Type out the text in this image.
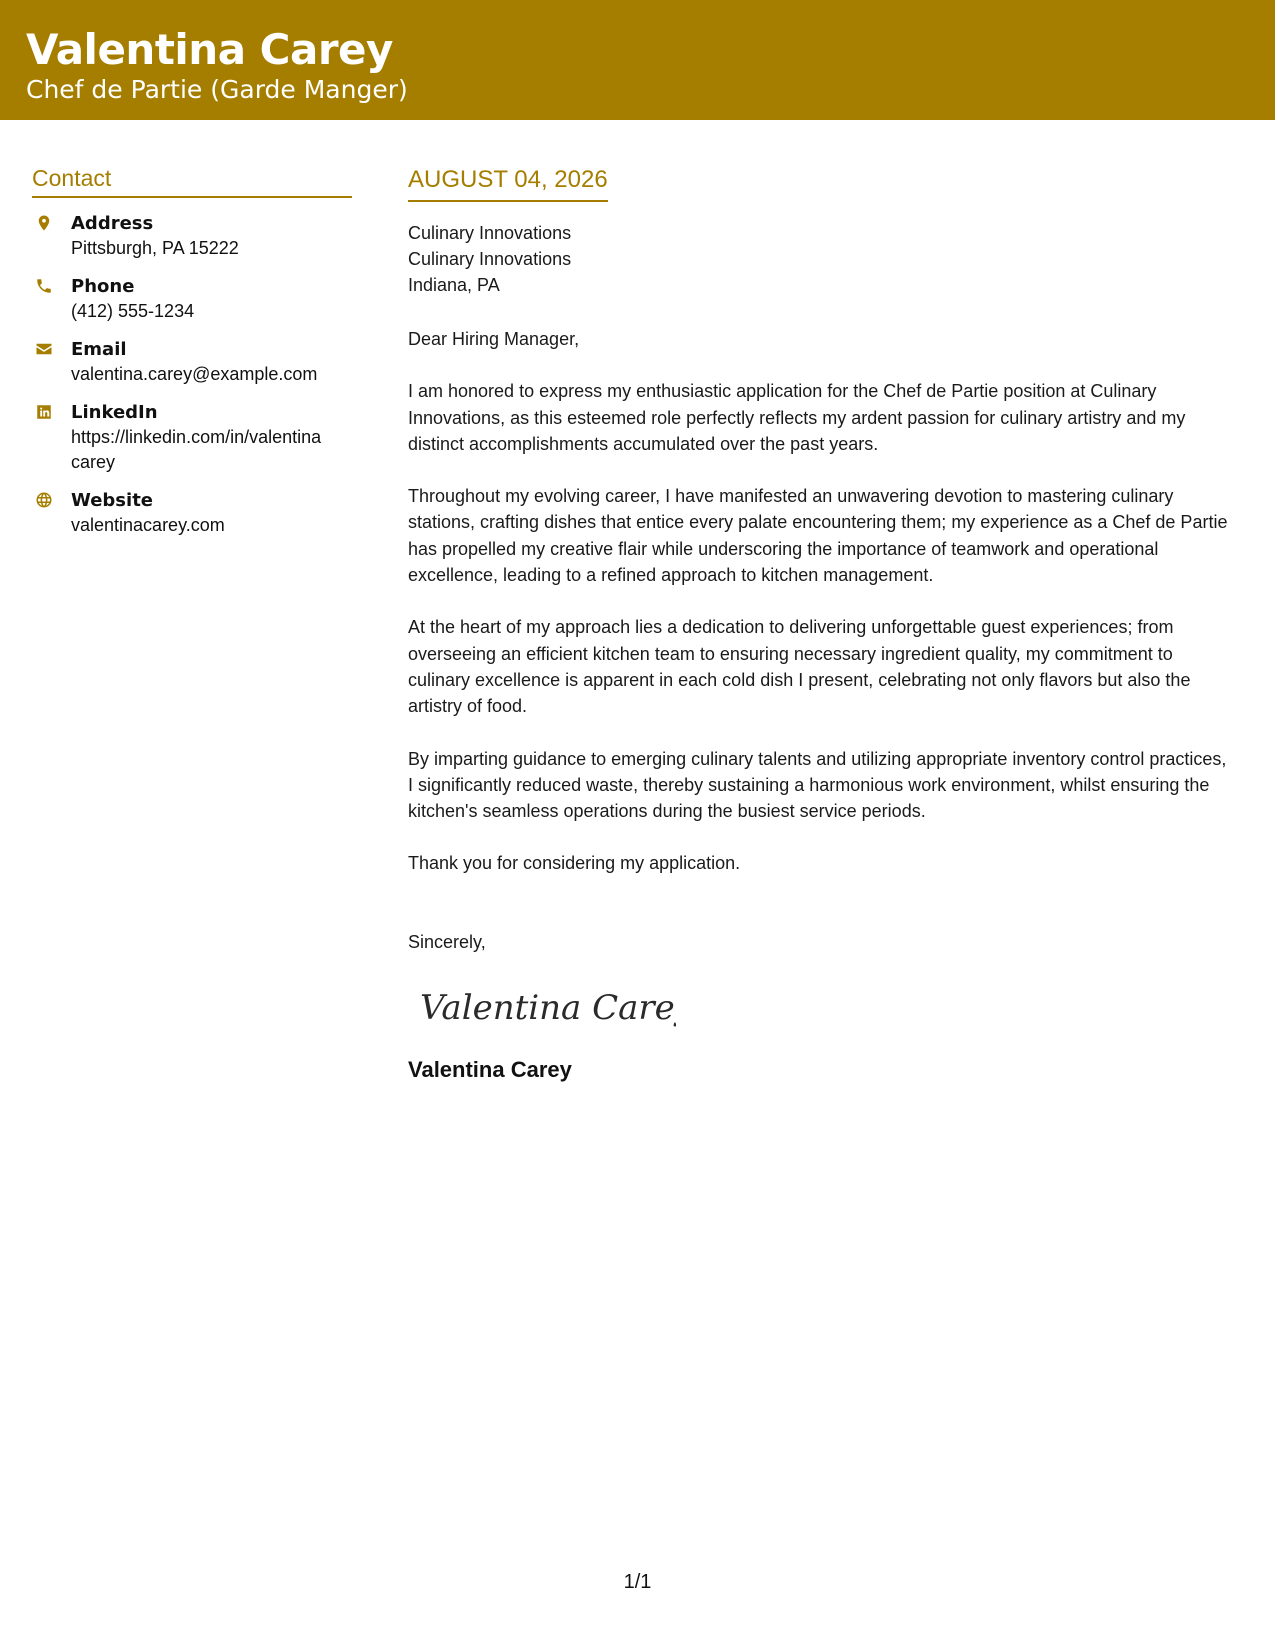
Valentina Carey
Chef de Partie (Garde Manger)
Contact
Address
Pittsburgh, PA 15222
Phone
(412) 555-1234
Email
valentina.carey@example.com
LinkedIn
https://linkedin.com/in/valentina carey
Website
valentinacarey.com
AUGUST 04, 2026
Culinary Innovations
Culinary Innovations
Indiana, PA

Dear Hiring Manager,

I am honored to express my enthusiastic application for the Chef de Partie position at Culinary Innovations, as this esteemed role perfectly reflects my ardent passion for culinary artistry and my distinct accomplishments accumulated over the past years.

Throughout my evolving career, I have manifested an unwavering devotion to mastering culinary stations, crafting dishes that entice every palate encountering them; my experience as a Chef de Partie has propelled my creative flair while underscoring the importance of teamwork and operational excellence, leading to a refined approach to kitchen management.

At the heart of my approach lies a dedication to delivering unforgettable guest experiences; from overseeing an efficient kitchen team to ensuring necessary ingredient quality, my commitment to culinary excellence is apparent in each cold dish I present, celebrating not only flavors but also the artistry of food.

By imparting guidance to emerging culinary talents and utilizing appropriate inventory control practices, I significantly reduced waste, thereby sustaining a harmonious work environment, whilst ensuring the kitchen's seamless operations during the busiest service periods.

Thank you for considering my application.

Sincerely,
Valentina Carey
Valentina Carey
1/1
